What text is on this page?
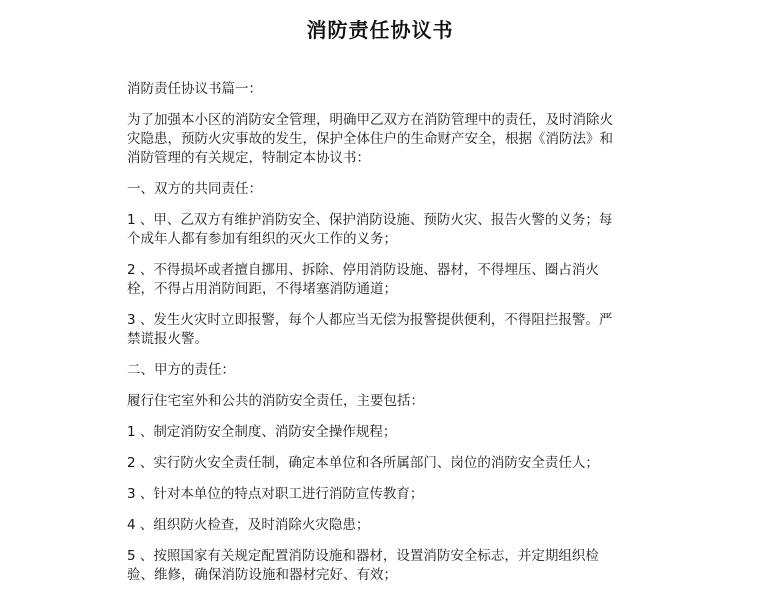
消防责任协议书

消防责任协议书篇一：

为了加强本小区的消防安全管理，明确甲乙双方在消防管理中的责任，及时消除火
灾隐患，预防火灾事故的发生，保护全体住户的生命财产安全，根据《消防法》和
消防管理的有关规定，特制定本协议书：

一、双方的共同责任：

1 、甲、乙双方有维护消防安全、保护消防设施、预防火灾、报告火警的义务；每
个成年人都有参加有组织的灭火工作的义务；

2 、不得损坏或者擅自挪用、拆除、停用消防设施、器材，不得埋压、圈占消火
栓，不得占用消防间距，不得堵塞消防通道；

3 、发生火灾时立即报警，每个人都应当无偿为报警提供便利，不得阻拦报警。严
禁谎报火警。

二、甲方的责任：

履行住宅室外和公共的消防安全责任，主要包括：

1 、制定消防安全制度、消防安全操作规程；

2 、实行防火安全责任制，确定本单位和各所属部门、岗位的消防安全责任人；

3 、针对本单位的特点对职工进行消防宣传教育；

4 、组织防火检查，及时消除火灾隐患；

5 、按照国家有关规定配置消防设施和器材，设置消防安全标志，并定期组织检
验、维修，确保消防设施和器材完好、有效；
